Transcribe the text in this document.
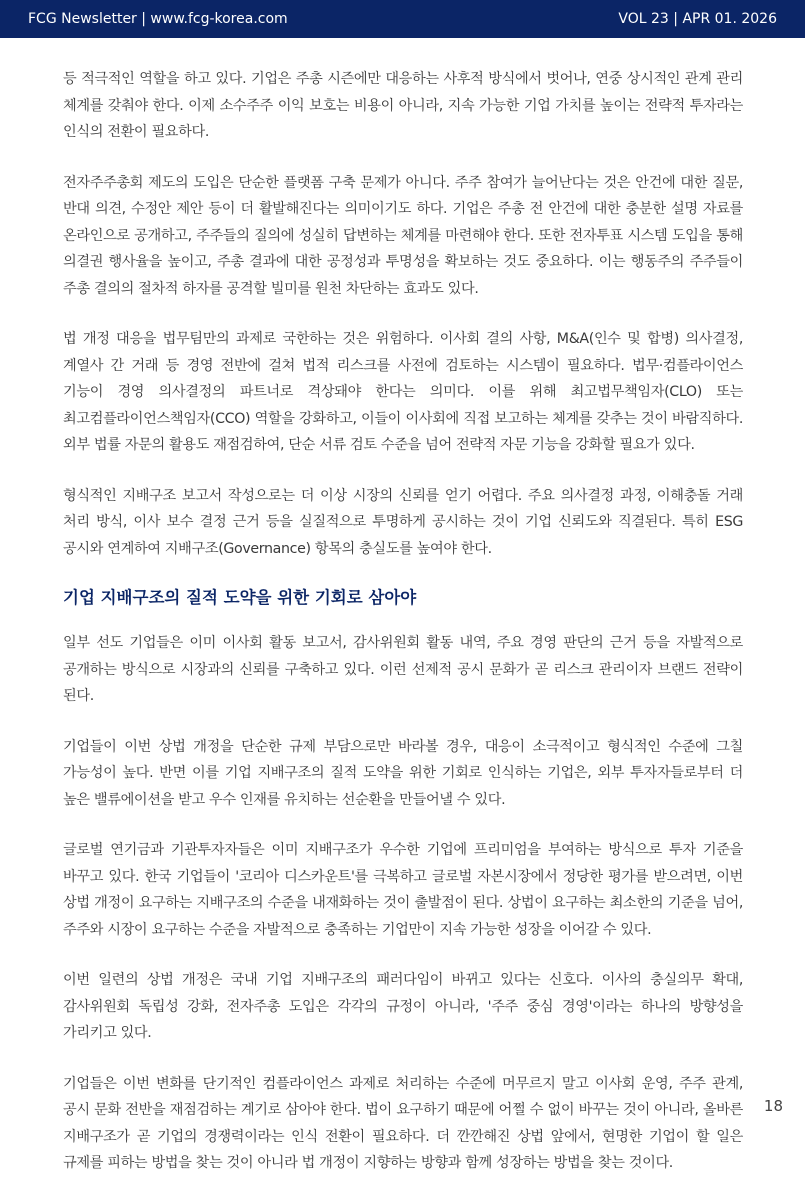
FCG Newsletter | www.fcg-korea.com	VOL 23 | APR 01. 2026

등 적극적인 역할을 하고 있다. 기업은 주총 시즌에만 대응하는 사후적 방식에서 벗어나, 연중 상시적인 관계 관리 체계를 갖춰야 한다. 이제 소수주주 이익 보호는 비용이 아니라, 지속 가능한 기업 가치를 높이는 전략적 투자라는 인식의 전환이 필요하다.

전자주주총회 제도의 도입은 단순한 플랫폼 구축 문제가 아니다. 주주 참여가 늘어난다는 것은 안건에 대한 질문, 반대 의견, 수정안 제안 등이 더 활발해진다는 의미이기도 하다. 기업은 주총 전 안건에 대한 충분한 설명 자료를 온라인으로 공개하고, 주주들의 질의에 성실히 답변하는 체계를 마련해야 한다. 또한 전자투표 시스템 도입을 통해 의결권 행사율을 높이고, 주총 결과에 대한 공정성과 투명성을 확보하는 것도 중요하다. 이는 행동주의 주주들이 주총 결의의 절차적 하자를 공격할 빌미를 원천 차단하는 효과도 있다.

법 개정 대응을 법무팀만의 과제로 국한하는 것은 위험하다. 이사회 결의 사항, M&A(인수 및 합병) 의사결정, 계열사 간 거래 등 경영 전반에 걸쳐 법적 리스크를 사전에 검토하는 시스템이 필요하다. 법무·컴플라이언스 기능이 경영 의사결정의 파트너로 격상돼야 한다는 의미다. 이를 위해 최고법무책임자(CLO) 또는 최고컴플라이언스책임자(CCO) 역할을 강화하고, 이들이 이사회에 직접 보고하는 체계를 갖추는 것이 바람직하다. 외부 법률 자문의 활용도 재점검하여, 단순 서류 검토 수준을 넘어 전략적 자문 기능을 강화할 필요가 있다.

형식적인 지배구조 보고서 작성으로는 더 이상 시장의 신뢰를 얻기 어렵다. 주요 의사결정 과정, 이해충돌 거래 처리 방식, 이사 보수 결정 근거 등을 실질적으로 투명하게 공시하는 것이 기업 신뢰도와 직결된다. 특히 ESG 공시와 연계하여 지배구조(Governance) 항목의 충실도를 높여야 한다.

기업 지배구조의 질적 도약을 위한 기회로 삼아야

일부 선도 기업들은 이미 이사회 활동 보고서, 감사위원회 활동 내역, 주요 경영 판단의 근거 등을 자발적으로 공개하는 방식으로 시장과의 신뢰를 구축하고 있다. 이런 선제적 공시 문화가 곧 리스크 관리이자 브랜드 전략이 된다.

기업들이 이번 상법 개정을 단순한 규제 부담으로만 바라볼 경우, 대응이 소극적이고 형식적인 수준에 그칠 가능성이 높다. 반면 이를 기업 지배구조의 질적 도약을 위한 기회로 인식하는 기업은, 외부 투자자들로부터 더 높은 밸류에이션을 받고 우수 인재를 유치하는 선순환을 만들어낼 수 있다.

글로벌 연기금과 기관투자자들은 이미 지배구조가 우수한 기업에 프리미엄을 부여하는 방식으로 투자 기준을 바꾸고 있다. 한국 기업들이 '코리아 디스카운트'를 극복하고 글로벌 자본시장에서 정당한 평가를 받으려면, 이번 상법 개정이 요구하는 지배구조의 수준을 내재화하는 것이 출발점이 된다. 상법이 요구하는 최소한의 기준을 넘어, 주주와 시장이 요구하는 수준을 자발적으로 충족하는 기업만이 지속 가능한 성장을 이어갈 수 있다.

이번 일련의 상법 개정은 국내 기업 지배구조의 패러다임이 바뀌고 있다는 신호다. 이사의 충실의무 확대, 감사위원회 독립성 강화, 전자주총 도입은 각각의 규정이 아니라, '주주 중심 경영'이라는 하나의 방향성을 가리키고 있다.

기업들은 이번 변화를 단기적인 컴플라이언스 과제로 처리하는 수준에 머무르지 말고 이사회 운영, 주주 관계, 공시 문화 전반을 재점검하는 계기로 삼아야 한다. 법이 요구하기 때문에 어쩔 수 없이 바꾸는 것이 아니라, 올바른 지배구조가 곧 기업의 경쟁력이라는 인식 전환이 필요하다. 더 깐깐해진 상법 앞에서, 현명한 기업이 할 일은 규제를 피하는 방법을 찾는 것이 아니라 법 개정이 지향하는 방향과 함께 성장하는 방법을 찾는 것이다.

18
